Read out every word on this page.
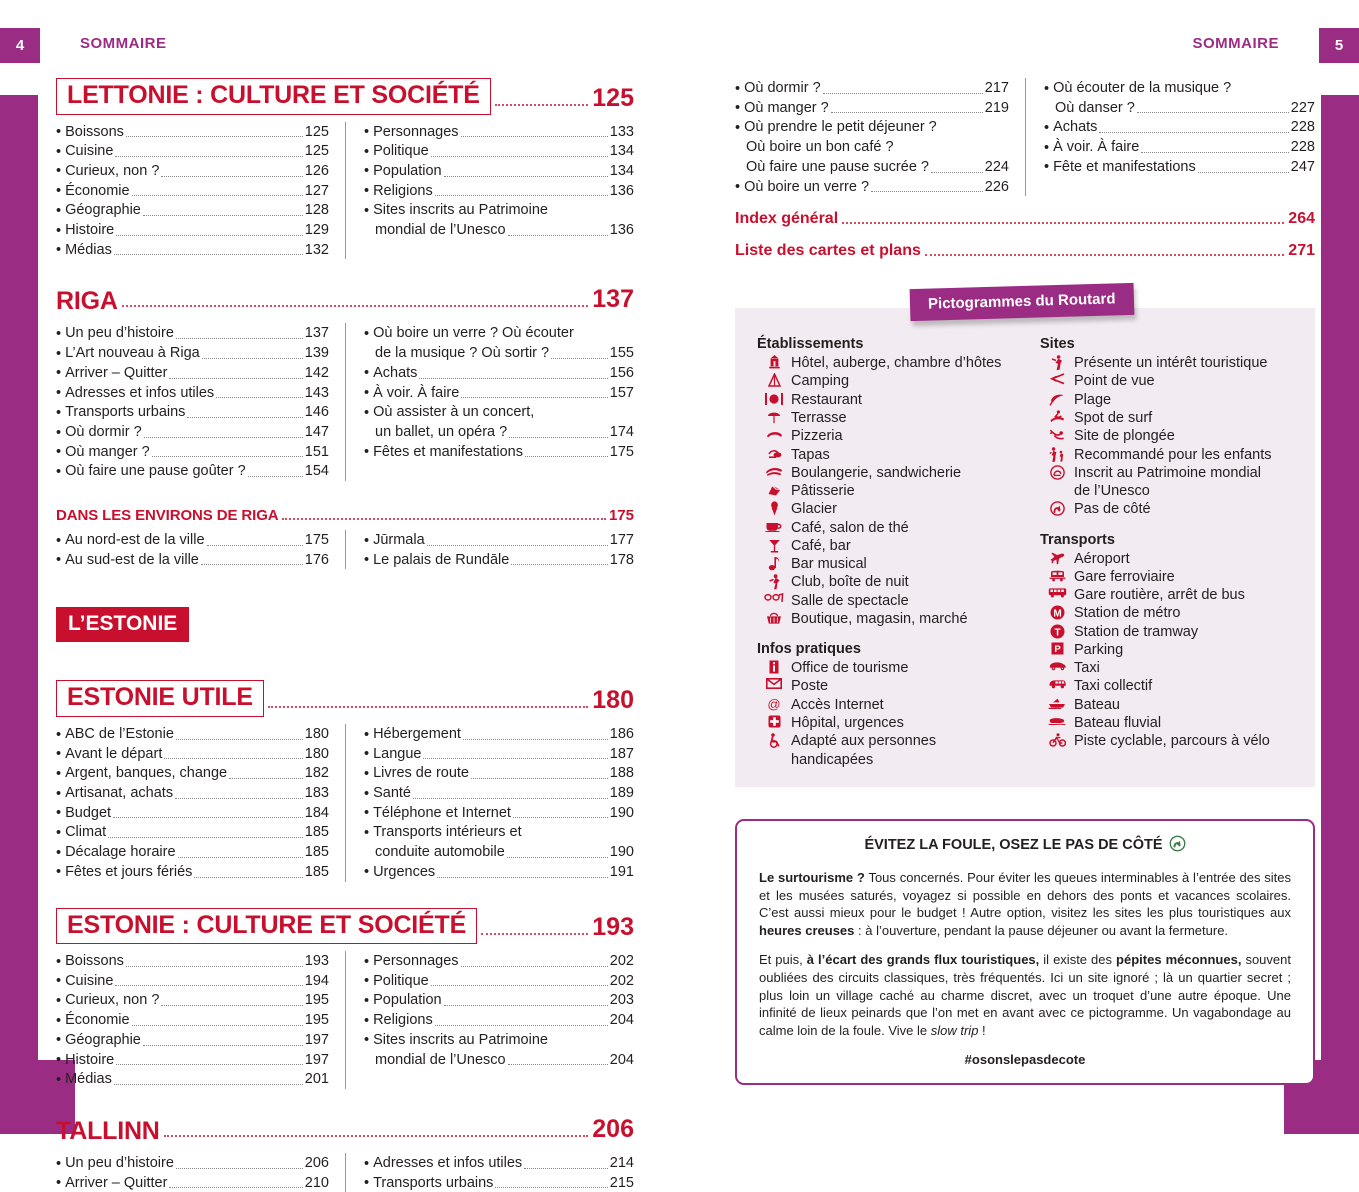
4	SOMMAIRE
LETTONIE : CULTURE ET SOCIÉTÉ	125
• Boissons	125
• Cuisine	125
• Curieux, non ?	126
• Économie	127
• Géographie	128
• Histoire	129
• Médias	132
• Personnages	133
• Politique	134
• Population	134
• Religions	136
• Sites inscrits au Patrimoine
mondial de l’Unesco	136
RIGA	137
• Un peu d’histoire	137
• L’Art nouveau à Riga	139
• Arriver – Quitter	142
• Adresses et infos utiles	143
• Transports urbains	146
• Où dormir ?	147
• Où manger ?	151
• Où faire une pause goûter ?	154
• Où boire un verre ? Où écouter
de la musique ? Où sortir ?	155
• Achats	156
• À voir. À faire	157
• Où assister à un concert,
un ballet, un opéra ?	174
• Fêtes et manifestations	175
DANS LES ENVIRONS DE RIGA	175
• Au nord-est de la ville	175
• Au sud-est de la ville	176
• Jūrmala	177
• Le palais de Rundāle	178
L’ESTONIE
ESTONIE UTILE	180
• ABC de l’Estonie	180
• Avant le départ	180
• Argent, banques, change	182
• Artisanat, achats	183
• Budget	184
• Climat	185
• Décalage horaire	185
• Fêtes et jours fériés	185
• Hébergement	186
• Langue	187
• Livres de route	188
• Santé	189
• Téléphone et Internet	190
• Transports intérieurs et
conduite automobile	190
• Urgences	191
ESTONIE : CULTURE ET SOCIÉTÉ	193
• Boissons	193
• Cuisine	194
• Curieux, non ?	195
• Économie	195
• Géographie	197
• Histoire	197
• Médias	201
• Personnages	202
• Politique	202
• Population	203
• Religions	204
• Sites inscrits au Patrimoine
mondial de l’Unesco	204
TALLINN	206
• Un peu d’histoire	206
• Arriver – Quitter	210
• Adresses et infos utiles	214
• Transports urbains	215
5
SOMMAIRE
• Où dormir ?	217
• Où manger ?	219
• Où prendre le petit déjeuner ?
Où boire un bon café ?
Où faire une pause sucrée ?	224
• Où boire un verre ?	226
• Où écouter de la musique ?
Où danser ?	227
• Achats	228
• À voir. À faire	228
• Fête et manifestations	247
Index général	264
Liste des cartes et plans	271
Pictogrammes du Routard
Établissements
Hôtel, auberge, chambre d’hôtes
Camping
Restaurant
Terrasse
Pizzeria
Tapas
Boulangerie, sandwicherie
Pâtisserie
Glacier
Café, salon de thé
Café, bar
Bar musical
Club, boîte de nuit
Salle de spectacle
Boutique, magasin, marché
Infos pratiques
Office de tourisme
Poste
@ Accès Internet
Hôpital, urgences
Adapté aux personnes
handicapées
Sites
Présente un intérêt touristique
Point de vue
Plage
Spot de surf
Site de plongée
Recommandé pour les enfants
Inscrit au Patrimoine mondial
de l’Unesco
Pas de côté
Transports
Aéroport
Gare ferroviaire
Gare routière, arrêt de bus
M Station de métro
T Station de tramway
P Parking
Taxi
Taxi collectif
Bateau
Bateau fluvial
Piste cyclable, parcours à vélo
ÉVITEZ LA FOULE, OSEZ LE PAS DE CÔTÉ

Le surtourisme ? Tous concernés. Pour éviter les queues interminables à l’entrée des sites et les musées saturés, voyagez si possible en dehors des ponts et vacances scolaires. C’est aussi mieux pour le budget ! Autre option, visitez les sites les plus touristiques aux heures creuses : à l’ouverture, pendant la pause déjeuner ou avant la fermeture.

Et puis, à l’écart des grands flux touristiques, il existe des pépites méconnues, souvent oubliées des circuits classiques, très fréquentés. Ici un site ignoré ; là un quartier secret ; plus loin un village caché au charme discret, avec un troquet d’une autre époque. Une infinité de lieux peinards que l’on met en avant avec ce pictogramme. Un vagabondage au calme loin de la foule. Vive le slow trip !

#osonslepasdecote
